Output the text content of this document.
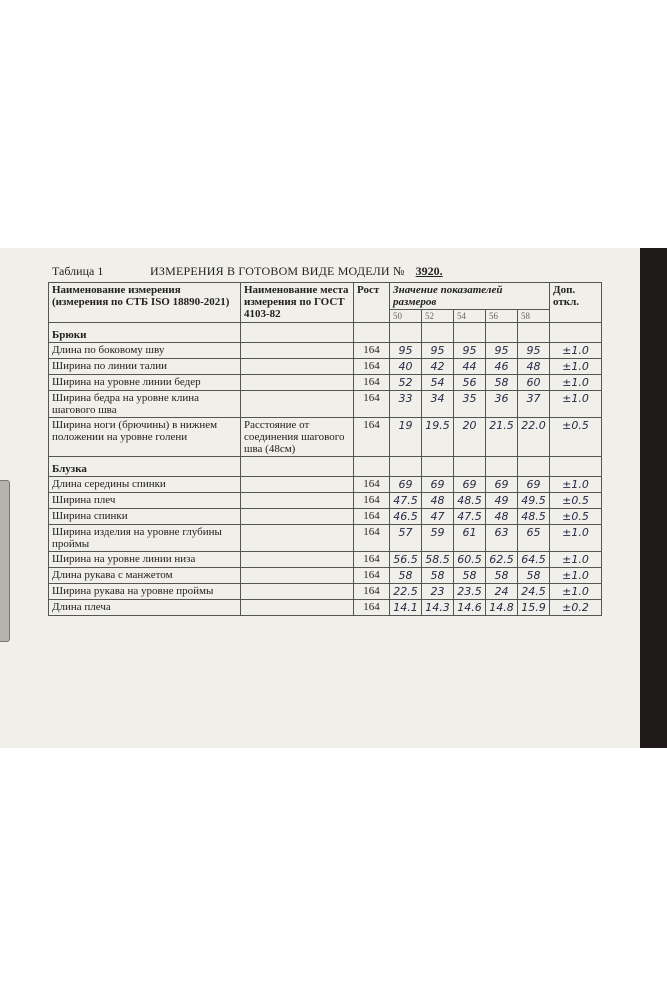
Таблица 1	ИЗМЕРЕНИЯ В ГОТОВОМ ВИДЕ МОДЕЛИ № 3920.
Наименование измерения (измерения по СТБ ISO 18890-2021)	Наименование места измерения по ГОСТ 4103-82	Рост	Значение показателей размеров					Доп. откл.
			50	52	54	56	58	
Брюки								
Длина по боковому шву		164	95	95	95	95	95	±1.0
Ширина по линии талии		164	40	42	44	46	48	±1.0
Ширина на уровне линии бедер		164	52	54	56	58	60	±1.0
Ширина бедра на уровне клина шагового шва		164	33	34	35	36	37	±1.0
Ширина ноги (брючины) в нижнем положении на уровне голени	Расстояние от соединения шагового шва (48см)	164	19	19.5	20	21.5	22.0	±0.5
Блузка								
Длина середины спинки		164	69	69	69	69	69	±1.0
Ширина плеч		164	47.5	48	48.5	49	49.5	±0.5
Ширина спинки		164	46.5	47	47.5	48	48.5	±0.5
Ширина изделия на уровне глубины проймы		164	57	59	61	63	65	±1.0
Ширина на уровне линии низа		164	56.5	58.5	60.5	62.5	64.5	±1.0
Длина рукава с манжетом		164	58	58	58	58	58	±1.0
Ширина рукава на уровне проймы		164	22.5	23	23.5	24	24.5	±1.0
Длина плеча		164	14.1	14.3	14.6	14.8	15.9	±0.2
